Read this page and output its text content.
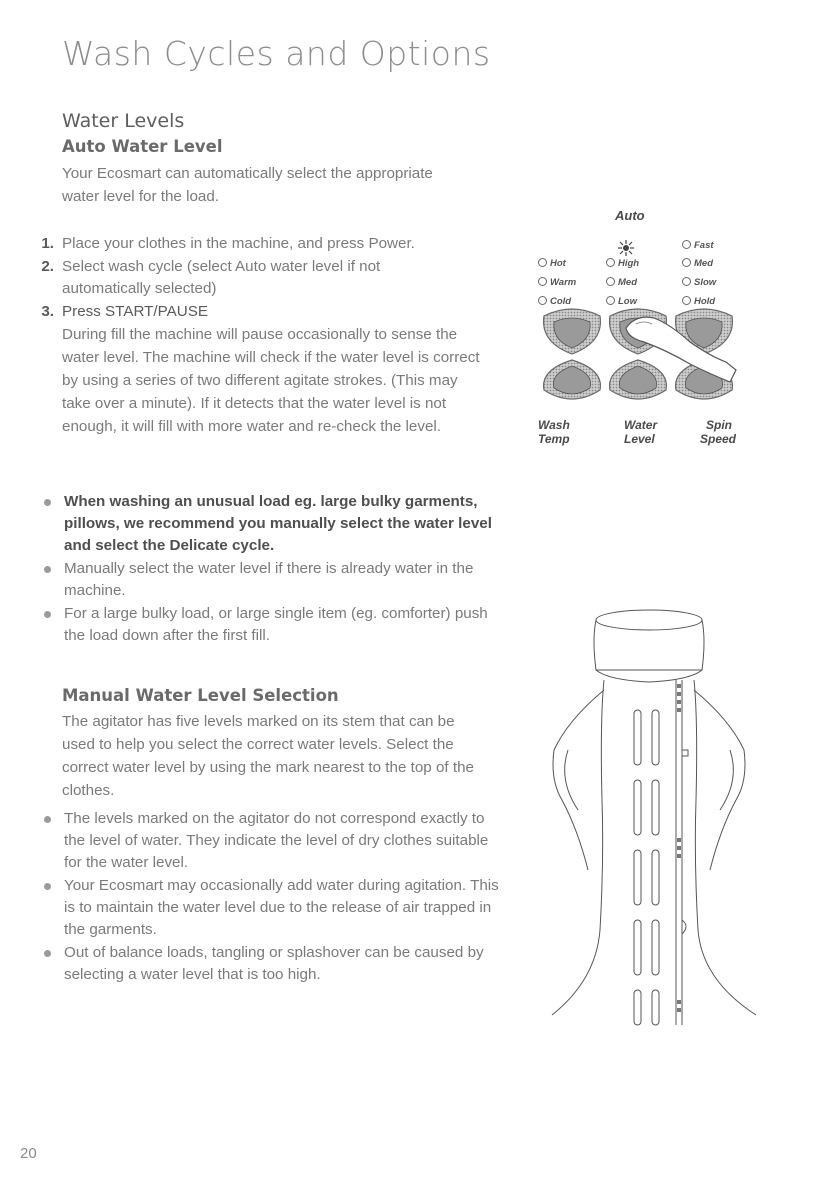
Wash Cycles and Options
Water Levels
Auto Water Level
Your Ecosmart can automatically select the appropriate water level for the load.
1. Place your clothes in the machine, and press Power.
2. Select wash cycle (select Auto water level if not automatically selected)
3. Press START/PAUSE
During fill the machine will pause occasionally to sense the water level. The machine will check if the water level is correct by using a series of two different agitate strokes. (This may take over a minute). If it detects that the water level is not enough, it will fill with more water and re-check the level.
When washing an unusual load eg. large bulky garments, pillows, we recommend you manually select the water level and select the Delicate cycle.
Manually select the water level if there is already water in the machine.
For a large bulky load, or large single item (eg. comforter) push the load down after the first fill.
Manual Water Level Selection
The agitator has five levels marked on its stem that can be used to help you select the correct water levels. Select the correct water level by using the mark nearest to the top of the clothes.
The levels marked on the agitator do not correspond exactly to the level of water. They indicate the level of dry clothes suitable for the water level.
Your Ecosmart may occasionally add water during agitation. This is to maintain the water level due to the release of air trapped in the garments.
Out of balance loads, tangling or splashover can be caused by selecting a water level that is too high.
Auto
Hot
Warm
Cold
High
Med
Low
Fast
Med
Slow
Hold
Wash
Temp
Water
Level
Spin
Speed
20
